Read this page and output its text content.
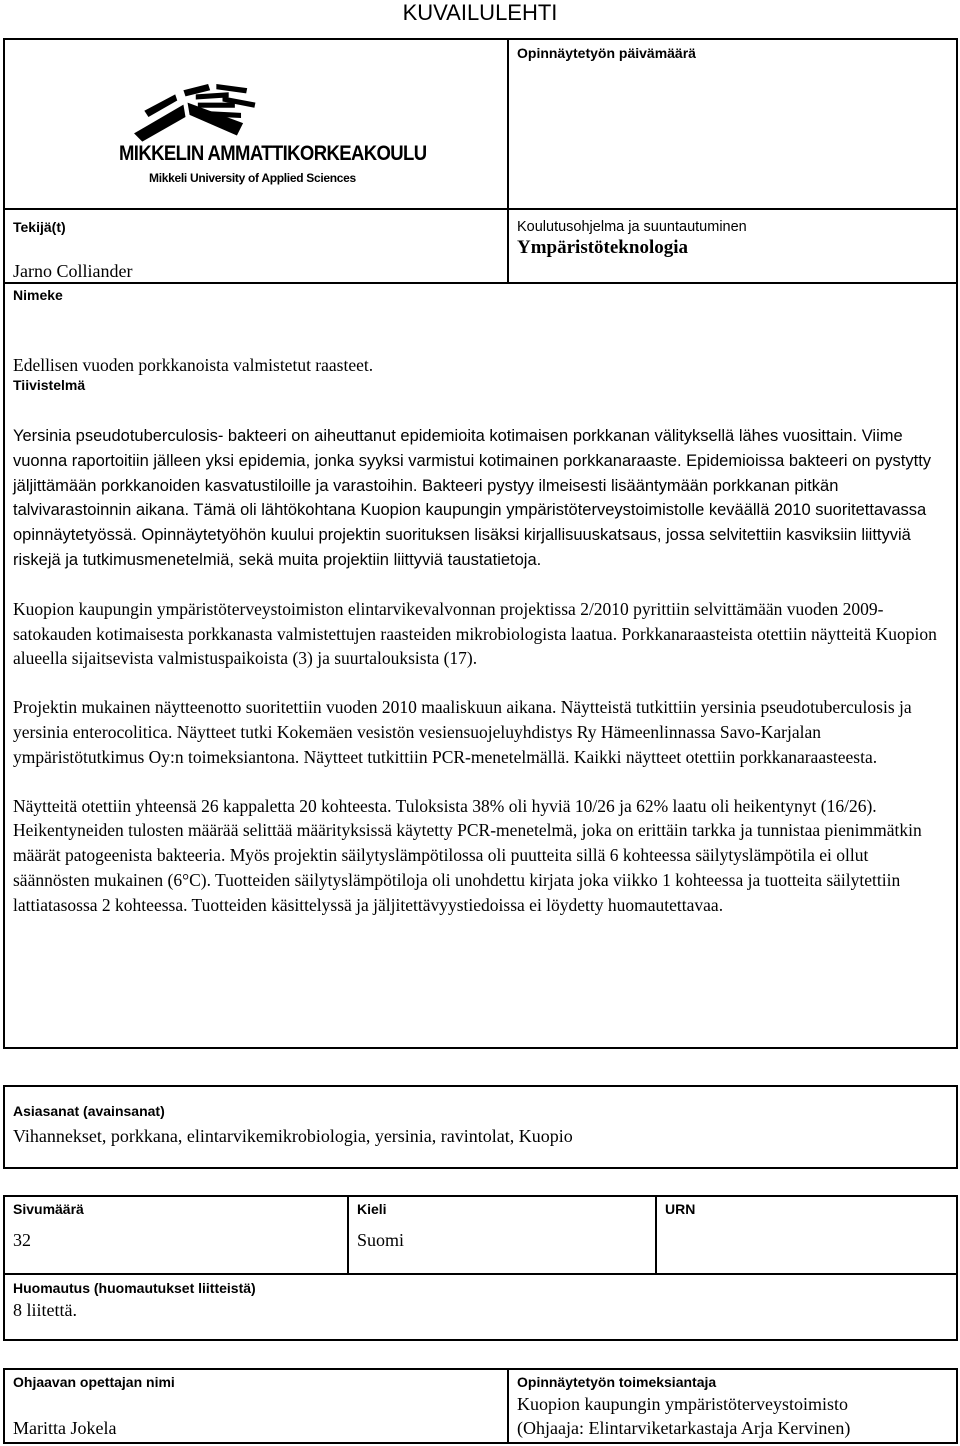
KUVAILULEHTI
MIKKELIN AMMATTIKORKEAKOULU
Mikkeli University of Applied Sciences
Opinnäytetyön päivämäärä
Tekijä(t)
Jarno Colliander
Koulutusohjelma ja suuntautuminen
Ympäristöteknologia
Nimeke
Edellisen vuoden porkkanoista valmistetut raasteet.
Tiivistelmä

Yersinia pseudotuberculosis- bakteeri on aiheuttanut epidemioita kotimaisen porkkanan välityksellä lähes vuosittain. Viime vuonna raportoitiin jälleen yksi epidemia, jonka syyksi varmistui kotimainen porkkanaraaste. Epidemioissa bakteeri on pystytty jäljittämään porkkanoiden kasvatustiloille ja varastoihin. Bakteeri pystyy ilmeisesti lisääntymään porkkanan pitkän talvivarastoinnin aikana. Tämä oli lähtökohtana Kuopion kaupungin ympäristöterveystoimistolle keväällä 2010 suoritettavassa opinnäytetyössä. Opinnäytetyöhön kuului projektin suorituksen lisäksi kirjallisuuskatsaus, jossa selvitettiin kasviksiin liittyviä riskejä ja tutkimusmenetelmiä, sekä muita projektiin liittyviä taustatietoja.

Kuopion kaupungin ympäristöterveystoimiston elintarvikevalvonnan projektissa 2/2010 pyrittiin selvittämään vuoden 2009- satokauden kotimaisesta porkkanasta valmistettujen raasteiden mikrobiologista laatua. Porkkanaraasteista otettiin näytteitä Kuopion alueella sijaitsevista valmistuspaikoista (3) ja suurtalouksista (17).

Projektin mukainen näytteenotto suoritettiin vuoden 2010 maaliskuun aikana. Näytteistä tutkittiin yersinia pseudotuberculosis ja yersinia enterocolitica. Näytteet tutki Kokemäen vesistön vesiensuojeluyhdistys Ry Hämeenlinnassa Savo-Karjalan ympäristötutkimus Oy:n toimeksiantona. Näytteet tutkittiin PCR-menetelmällä. Kaikki näytteet otettiin porkkanaraasteesta.

Näytteitä otettiin yhteensä 26 kappaletta 20 kohteesta. Tuloksista 38% oli hyviä 10/26 ja 62% laatu oli heikentynyt (16/26). Heikentyneiden tulosten määrää selittää määrityksissä käytetty PCR-menetelmä, joka on erittäin tarkka ja tunnistaa pienimmätkin määrät patogeenista bakteeria. Myös projektin säilytyslämpötilossa oli puutteita sillä 6 kohteessa säilytyslämpötila ei ollut säännösten mukainen (6°C). Tuotteiden säilytyslämpötiloja oli unohdettu kirjata joka viikko 1 kohteessa ja tuotteita säilytettiin lattiatasossa 2 kohteessa. Tuotteiden käsittelyssä ja jäljitettävyystiedoissa ei löydetty huomautettavaa.

Asiasanat (avainsanat)
Vihannekset, porkkana, elintarvikemikrobiologia, yersinia, ravintolat, Kuopio
Sivumäärä
32
Kieli
Suomi
URN
Huomautus (huomautukset liitteistä)
8 liitettä.
Ohjaavan opettajan nimi
Maritta Jokela
Opinnäytetyön toimeksiantaja
Kuopion kaupungin ympäristöterveystoimisto
(Ohjaaja: Elintarviketarkastaja Arja Kervinen)
